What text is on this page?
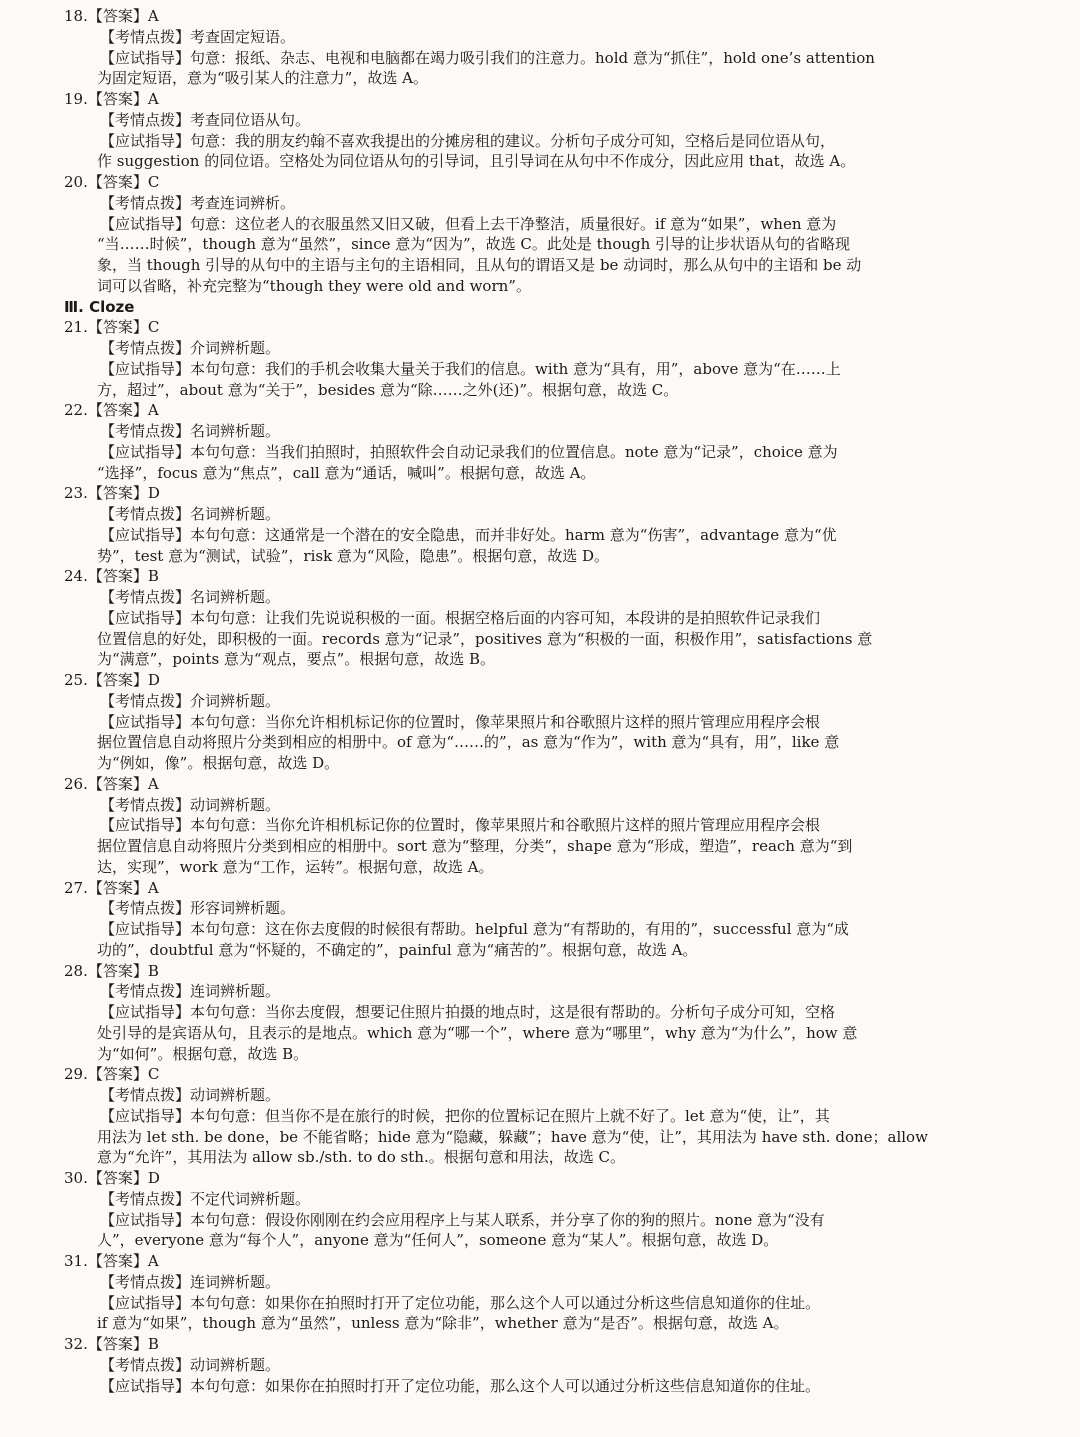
18.【答案】A
【考情点拨】考查固定短语。
【应试指导】句意：报纸、杂志、电视和电脑都在竭力吸引我们的注意力。hold 意为“抓住”，hold one’s attention
为固定短语，意为“吸引某人的注意力”，故选 A。
19.【答案】A
【考情点拨】考查同位语从句。
【应试指导】句意：我的朋友约翰不喜欢我提出的分摊房租的建议。分析句子成分可知，空格后是同位语从句，
作 suggestion 的同位语。空格处为同位语从句的引导词，且引导词在从句中不作成分，因此应用 that，故选 A。
20.【答案】C
【考情点拨】考查连词辨析。
【应试指导】句意：这位老人的衣服虽然又旧又破，但看上去干净整洁，质量很好。if 意为“如果”，when 意为
“当……时候”，though 意为“虽然”，since 意为“因为”，故选 C。此处是 though 引导的让步状语从句的省略现
象，当 though 引导的从句中的主语与主句的主语相同，且从句的谓语又是 be 动词时，那么从句中的主语和 be 动
词可以省略，补充完整为“though they were old and worn”。
Ⅲ. Cloze
21.【答案】C
【考情点拨】介词辨析题。
【应试指导】本句句意：我们的手机会收集大量关于我们的信息。with 意为“具有，用”，above 意为“在……上
方，超过”，about 意为“关于”，besides 意为“除……之外(还)”。根据句意，故选 C。
22.【答案】A
【考情点拨】名词辨析题。
【应试指导】本句句意：当我们拍照时，拍照软件会自动记录我们的位置信息。note 意为“记录”，choice 意为
“选择”，focus 意为“焦点”，call 意为“通话，喊叫”。根据句意，故选 A。
23.【答案】D
【考情点拨】名词辨析题。
【应试指导】本句句意：这通常是一个潜在的安全隐患，而并非好处。harm 意为“伤害”，advantage 意为“优
势”，test 意为“测试，试验”，risk 意为“风险，隐患”。根据句意，故选 D。
24.【答案】B
【考情点拨】名词辨析题。
【应试指导】本句句意：让我们先说说积极的一面。根据空格后面的内容可知，本段讲的是拍照软件记录我们
位置信息的好处，即积极的一面。records 意为“记录”，positives 意为“积极的一面，积极作用”，satisfactions 意
为“满意”，points 意为“观点，要点”。根据句意，故选 B。
25.【答案】D
【考情点拨】介词辨析题。
【应试指导】本句句意：当你允许相机标记你的位置时，像苹果照片和谷歌照片这样的照片管理应用程序会根
据位置信息自动将照片分类到相应的相册中。of 意为“……的”，as 意为“作为”，with 意为“具有，用”，like 意
为“例如，像”。根据句意，故选 D。
26.【答案】A
【考情点拨】动词辨析题。
【应试指导】本句句意：当你允许相机标记你的位置时，像苹果照片和谷歌照片这样的照片管理应用程序会根
据位置信息自动将照片分类到相应的相册中。sort 意为“整理，分类”，shape 意为“形成，塑造”，reach 意为“到
达，实现”，work 意为“工作，运转”。根据句意，故选 A。
27.【答案】A
【考情点拨】形容词辨析题。
【应试指导】本句句意：这在你去度假的时候很有帮助。helpful 意为“有帮助的，有用的”，successful 意为“成
功的”，doubtful 意为“怀疑的，不确定的”，painful 意为“痛苦的”。根据句意，故选 A。
28.【答案】B
【考情点拨】连词辨析题。
【应试指导】本句句意：当你去度假，想要记住照片拍摄的地点时，这是很有帮助的。分析句子成分可知，空格
处引导的是宾语从句，且表示的是地点。which 意为“哪一个”，where 意为“哪里”，why 意为“为什么”，how 意
为“如何”。根据句意，故选 B。
29.【答案】C
【考情点拨】动词辨析题。
【应试指导】本句句意：但当你不是在旅行的时候，把你的位置标记在照片上就不好了。let 意为“使，让”，其
用法为 let sth. be done，be 不能省略；hide 意为“隐藏，躲藏”；have 意为“使，让”，其用法为 have sth. done；allow
意为“允许”，其用法为 allow sb./sth. to do sth.。根据句意和用法，故选 C。
30.【答案】D
【考情点拨】不定代词辨析题。
【应试指导】本句句意：假设你刚刚在约会应用程序上与某人联系，并分享了你的狗的照片。none 意为“没有
人”，everyone 意为“每个人”，anyone 意为“任何人”，someone 意为“某人”。根据句意，故选 D。
31.【答案】A
【考情点拨】连词辨析题。
【应试指导】本句句意：如果你在拍照时打开了定位功能，那么这个人可以通过分析这些信息知道你的住址。
if 意为“如果”，though 意为“虽然”，unless 意为“除非”，whether 意为“是否”。根据句意，故选 A。
32.【答案】B
【考情点拨】动词辨析题。
【应试指导】本句句意：如果你在拍照时打开了定位功能，那么这个人可以通过分析这些信息知道你的住址。
